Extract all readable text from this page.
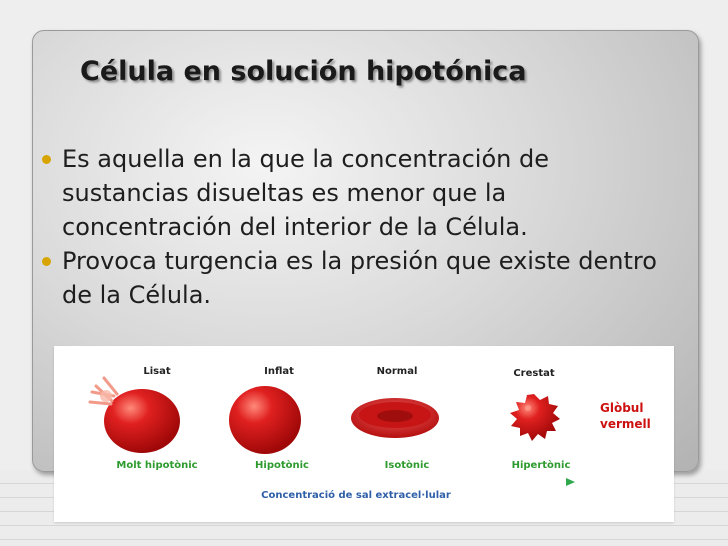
Célula en solución hipotónica
Es aquella en la que la concentración de sustancias disueltas es menor que la concentración del interior de la Célula.
Provoca turgencia es la presión que existe dentro de la Célula.
Lisat	Inflat	Normal	Crestat
Glòbul
vermell
Molt hipotònic	Hipotònic	Isotònic	Hipertònic
Concentració de sal extracel·lular
